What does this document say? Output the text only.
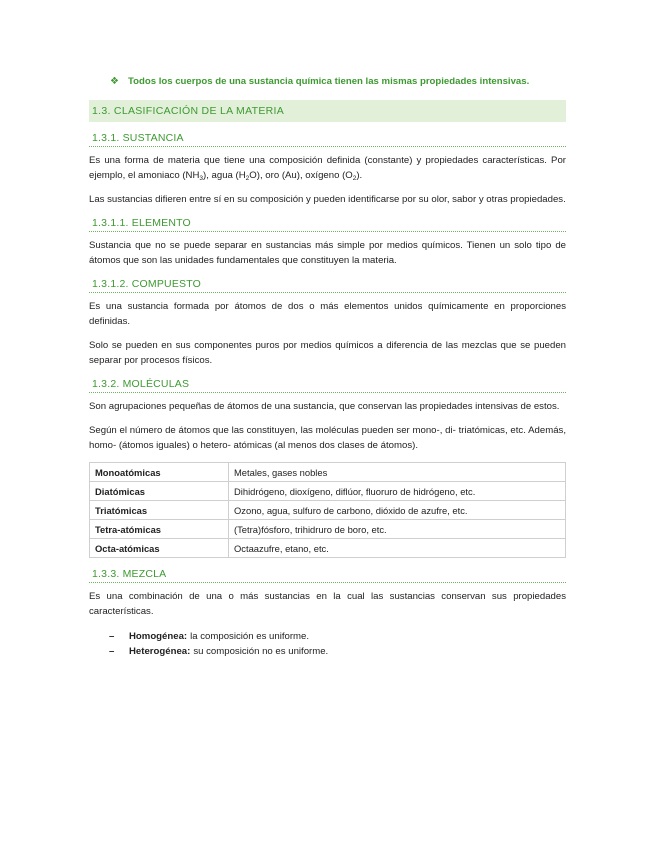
❖ Todos los cuerpos de una sustancia química tienen las mismas propiedades intensivas.
1.3. CLASIFICACIÓN DE LA MATERIA
1.3.1. SUSTANCIA

Es una forma de materia que tiene una composición definida (constante) y propiedades características. Por ejemplo, el amoniaco $(NH_3)$, agua $(H_2O)$, oro (Au), oxígeno $(O_2)$.

Las sustancias difieren entre sí en su composición y pueden identificarse por su olor, sabor y otras propiedades.

1.3.1.1. ELEMENTO

Sustancia que no se puede separar en sustancias más simple por medios químicos. Tienen un solo tipo de átomos que son las unidades fundamentales que constituyen la materia.

1.3.1.2. COMPUESTO

Es una sustancia formada por átomos de dos o más elementos unidos químicamente en proporciones definidas.

Solo se pueden en sus componentes puros por medios químicos a diferencia de las mezclas que se pueden separar por procesos físicos.

1.3.2. MOLÉCULAS

Son agrupaciones pequeñas de átomos de una sustancia, que conservan las propiedades intensivas de estos.

Según el número de átomos que las constituyen, las moléculas pueden ser mono-, di- triatómicas, etc. Además, homo- (átomos iguales) o hetero- atómicas (al menos dos clases de átomos).

Monoatómicas	Metales, gases nobles
Diatómicas	Dihidrógeno, dioxígeno, diflúor, fluoruro de hidrógeno, etc.
Triatómicas	Ozono, agua, sulfuro de carbono, dióxido de azufre, etc.
Tetra-atómicas	(Tetra)fósforo, trihidruro de boro, etc.
Octa-atómicas	Octaazufre, etano, etc.
1.3.3. MEZCLA

Es una combinación de una o más sustancias en la cual las sustancias conservan sus propiedades características.

–	Homogénea: la composición es uniforme.
–	Heterogénea: su composición no es uniforme.
